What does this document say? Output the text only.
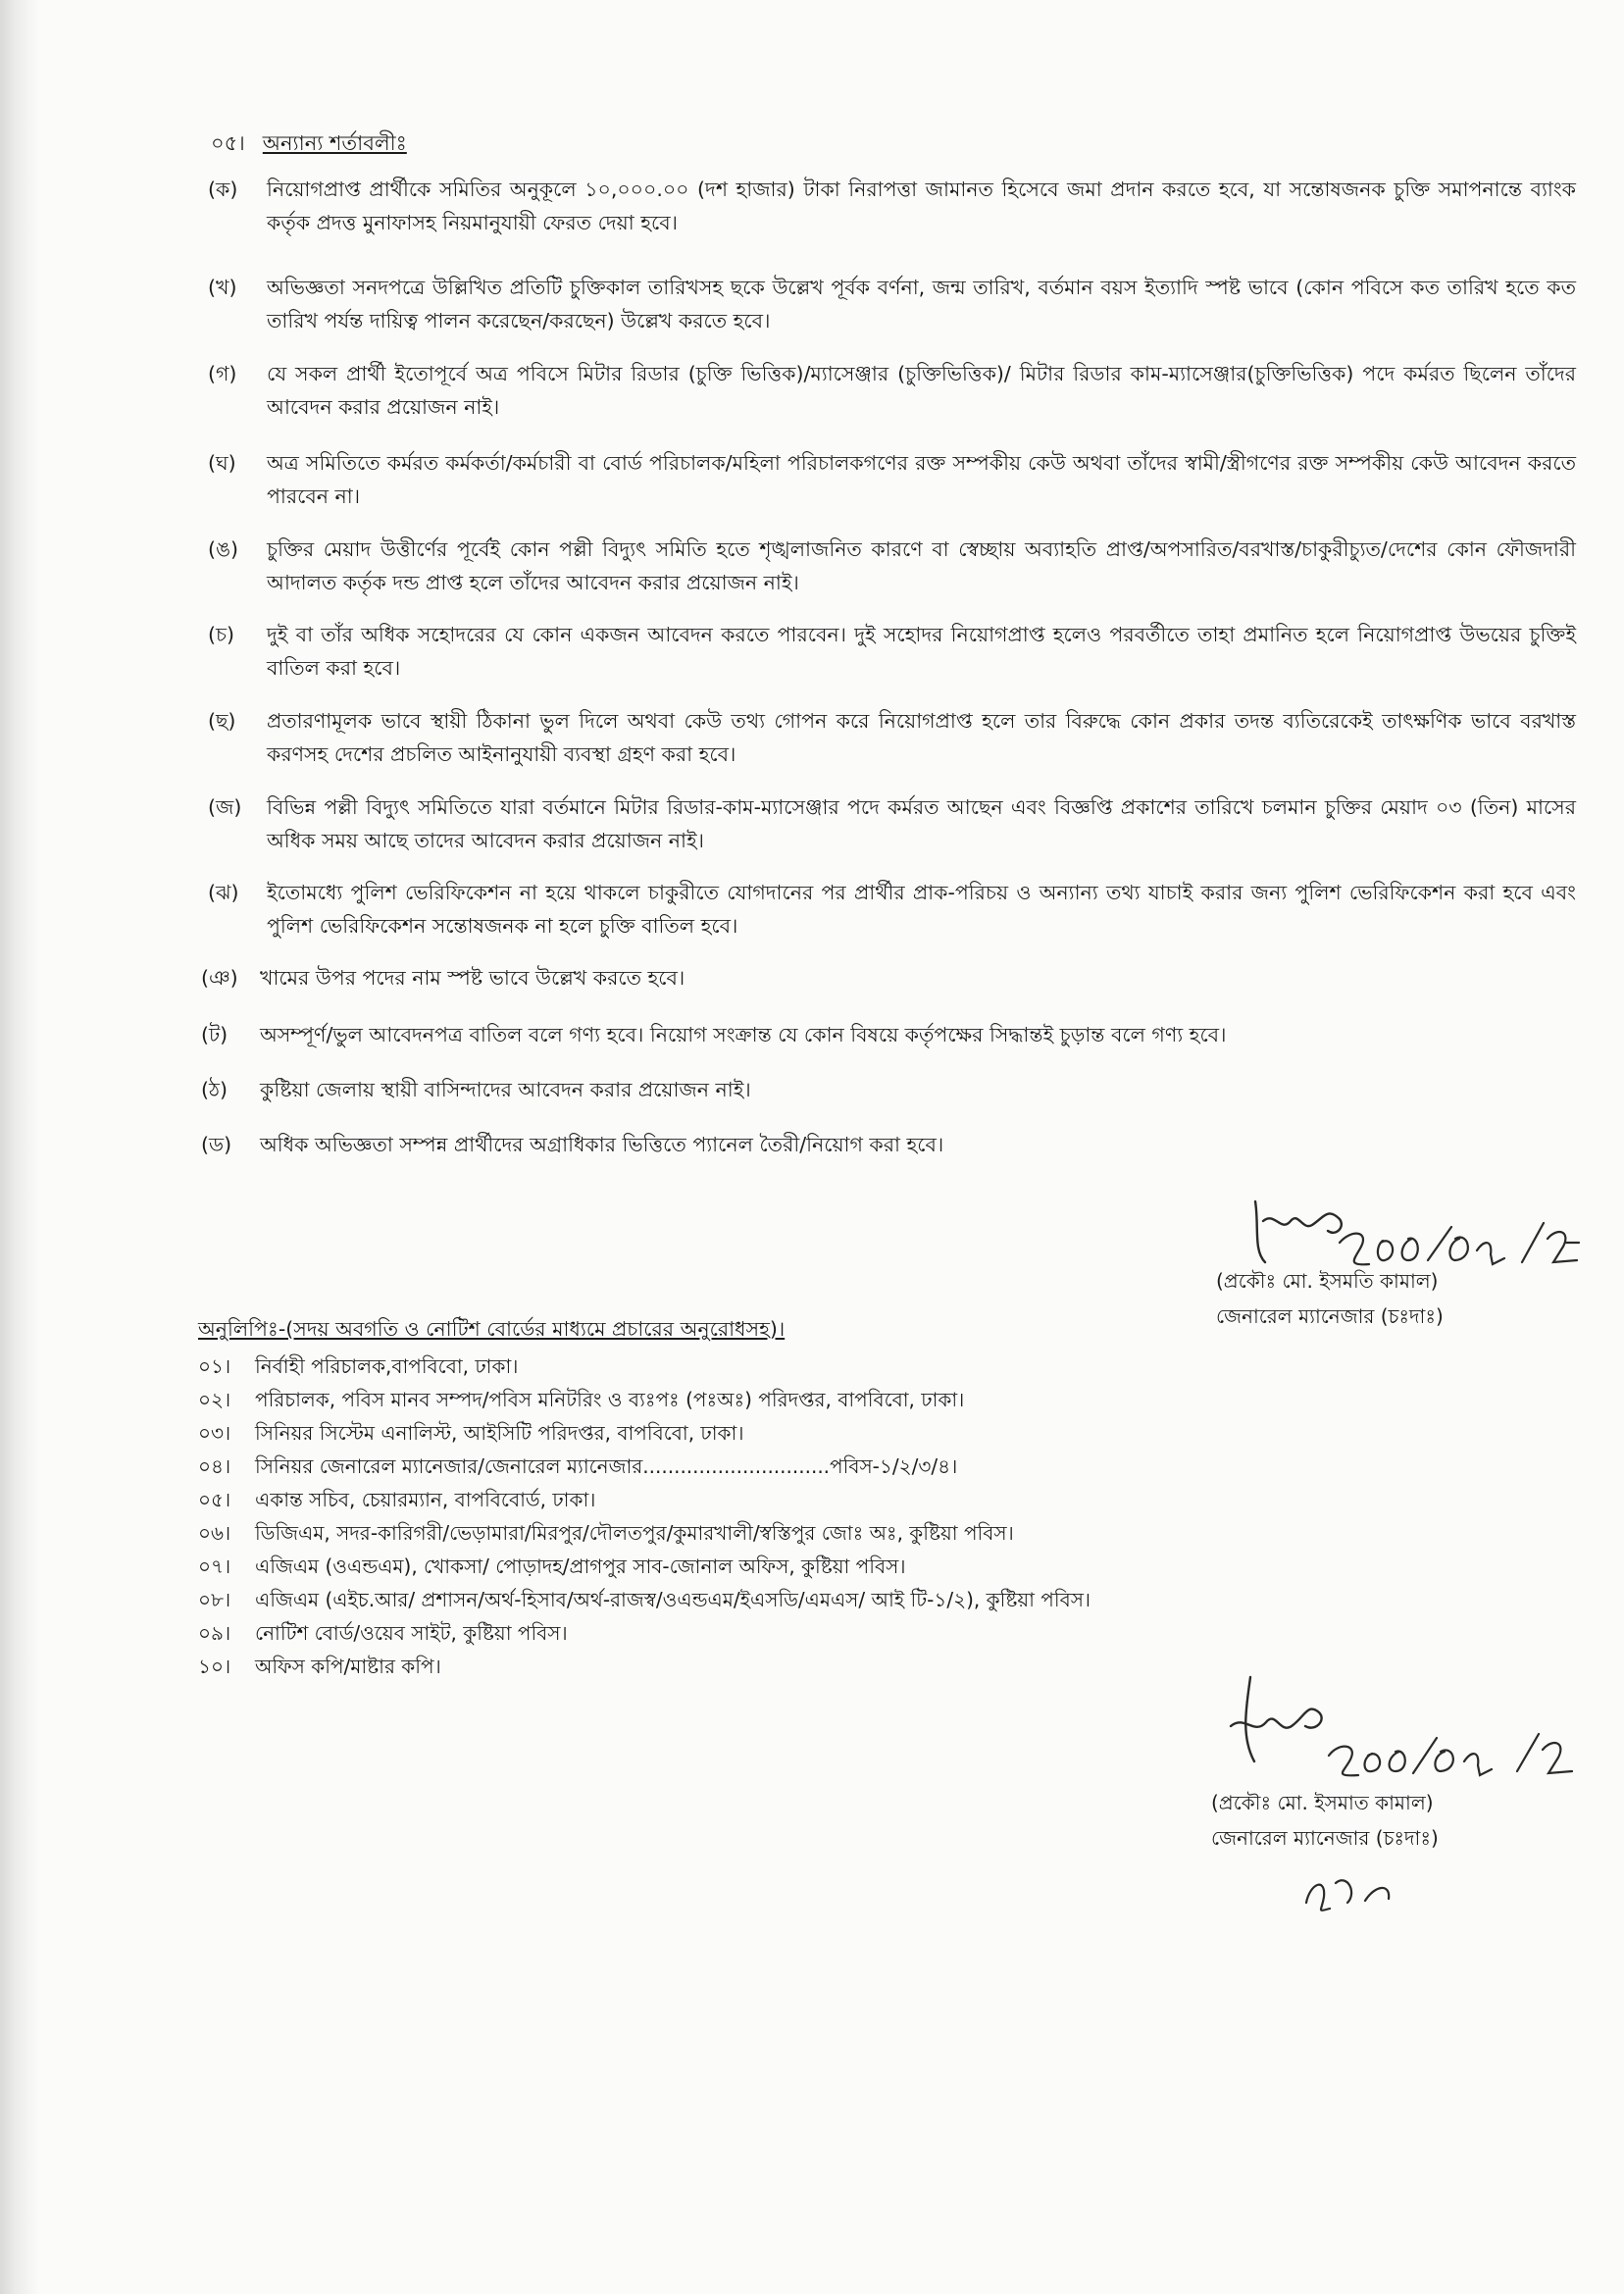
০৫। অন্যান্য শর্তাবলীঃ
(ক)	নিয়োগপ্রাপ্ত প্রার্থীকে সমিতির অনুকূলে ১০,০০০.০০ (দশ হাজার) টাকা নিরাপত্তা জামানত হিসেবে জমা প্রদান করতে হবে, যা সন্তোষজনক চুক্তি সমাপনান্তে ব্যাংক কর্তৃক প্রদত্ত মুনাফাসহ নিয়মানুযায়ী ফেরত দেয়া হবে।
(খ)	অভিজ্ঞতা সনদপত্রে উল্লিখিত প্রতিটি চুক্তিকাল তারিখসহ ছকে উল্লেখ পূর্বক বর্ণনা, জন্ম তারিখ, বর্তমান বয়স ইত্যাদি স্পষ্ট ভাবে (কোন পবিসে কত তারিখ হতে কত তারিখ পর্যন্ত দায়িত্ব পালন করেছেন/করছেন) উল্লেখ করতে হবে।
(গ)	যে সকল প্রার্থী ইতোপূর্বে অত্র পবিসে মিটার রিডার (চুক্তি ভিত্তিক)/ম্যাসেঞ্জার (চুক্তিভিত্তিক)/ মিটার রিডার কাম-ম্যাসেঞ্জার(চুক্তিভিত্তিক) পদে কর্মরত ছিলেন তাঁদের আবেদন করার প্রয়োজন নাই।
(ঘ)	অত্র সমিতিতে কর্মরত কর্মকর্তা/কর্মচারী বা বোর্ড পরিচালক/মহিলা পরিচালকগণের রক্ত সম্পকীয় কেউ অথবা তাঁদের স্বামী/স্ত্রীগণের রক্ত সম্পকীয় কেউ আবেদন করতে পারবেন না।
(ঙ)	চুক্তির মেয়াদ উত্তীর্ণের পূর্বেই কোন পল্লী বিদ্যুৎ সমিতি হতে শৃঙ্খলাজনিত কারণে বা স্বেচ্ছায় অব্যাহতি প্রাপ্ত/অপসারিত/বরখাস্ত/চাকুরীচ্যুত/দেশের কোন ফৌজদারী আদালত কর্তৃক দন্ড প্রাপ্ত হলে তাঁদের আবেদন করার প্রয়োজন নাই।
(চ)	দুই বা তাঁর অধিক সহোদরের যে কোন একজন আবেদন করতে পারবেন। দুই সহোদর নিয়োগপ্রাপ্ত হলেও পরবর্তীতে তাহা প্রমানিত হলে নিয়োগপ্রাপ্ত উভয়ের চুক্তিই বাতিল করা হবে।
(ছ)	প্রতারণামূলক ভাবে স্থায়ী ঠিকানা ভুল দিলে অথবা কেউ তথ্য গোপন করে নিয়োগপ্রাপ্ত হলে তার বিরুদ্ধে কোন প্রকার তদন্ত ব্যতিরেকেই তাৎক্ষণিক ভাবে বরখাস্ত করণসহ দেশের প্রচলিত আইনানুযায়ী ব্যবস্থা গ্রহণ করা হবে।
(জ)	বিভিন্ন পল্লী বিদ্যুৎ সমিতিতে যারা বর্তমানে মিটার রিডার-কাম-ম্যাসেঞ্জার পদে কর্মরত আছেন এবং বিজ্ঞপ্তি প্রকাশের তারিখে চলমান চুক্তির মেয়াদ ০৩ (তিন) মাসের অধিক সময় আছে তাদের আবেদন করার প্রয়োজন নাই।
(ঝ)	ইতোমধ্যে পুলিশ ভেরিফিকেশন না হয়ে থাকলে চাকুরীতে যোগদানের পর প্রার্থীর প্রাক-পরিচয় ও অন্যান্য তথ্য যাচাই করার জন্য পুলিশ ভেরিফিকেশন করা হবে এবং পুলিশ ভেরিফিকেশন সন্তোষজনক না হলে চুক্তি বাতিল হবে।
(ঞ)	খামের উপর পদের নাম স্পষ্ট ভাবে উল্লেখ করতে হবে।
(ট)	অসম্পূর্ণ/ভুল আবেদনপত্র বাতিল বলে গণ্য হবে। নিয়োগ সংক্রান্ত যে কোন বিষয়ে কর্তৃপক্ষের সিদ্ধান্তই চুড়ান্ত বলে গণ্য হবে।
(ঠ)	কুষ্টিয়া জেলায় স্থায়ী বাসিন্দাদের আবেদন করার প্রয়োজন নাই।
(ড)	অধিক অভিজ্ঞতা সম্পন্ন প্রার্থীদের অগ্রাধিকার ভিত্তিতে প্যানেল তৈরী/নিয়োগ করা হবে।
(প্রকৌঃ মো. ইসমতি কামাল)
জেনারেল ম্যানেজার (চঃদাঃ)
অনুলিপিঃ-(সদয় অবগতি ও নোটিশ বোর্ডের মাধ্যমে প্রচারের অনুরোধসহ)।
০১।	নির্বাহী পরিচালক,বাপবিবো, ঢাকা।
০২।	পরিচালক, পবিস মানব সম্পদ/পবিস মনিটরিং ও ব্যঃপঃ (পঃঅঃ) পরিদপ্তর, বাপবিবো, ঢাকা।
০৩।	সিনিয়র সিস্টেম এনালিস্ট, আইসিটি পরিদপ্তর, বাপবিবো, ঢাকা।
০৪।	সিনিয়র জেনারেল ম্যানেজার/জেনারেল ম্যানেজার..............................পবিস-১/২/৩/৪।
০৫।	একান্ত সচিব, চেয়ারম্যান, বাপবিবোর্ড, ঢাকা।
০৬।	ডিজিএম, সদর-কারিগরী/ভেড়ামারা/মিরপুর/দৌলতপুর/কুমারখালী/স্বস্তিপুর জোঃ অঃ, কুষ্টিয়া পবিস।
০৭।	এজিএম (ওএন্ডএম), খোকসা/ পোড়াদহ/প্রাগপুর সাব-জোনাল অফিস, কুষ্টিয়া পবিস।
০৮।	এজিএম (এইচ.আর/ প্রশাসন/অর্থ-হিসাব/অর্থ-রাজস্ব/ওএন্ডএম/ইএসডি/এমএস/ আই টি-১/২), কুষ্টিয়া পবিস।
০৯।	নোটিশ বোর্ড/ওয়েব সাইট, কুষ্টিয়া পবিস।
১০।	অফিস কপি/মাষ্টার কপি।
(প্রকৌঃ মো. ইসমাত কামাল)
জেনারেল ম্যানেজার (চঃদাঃ)
